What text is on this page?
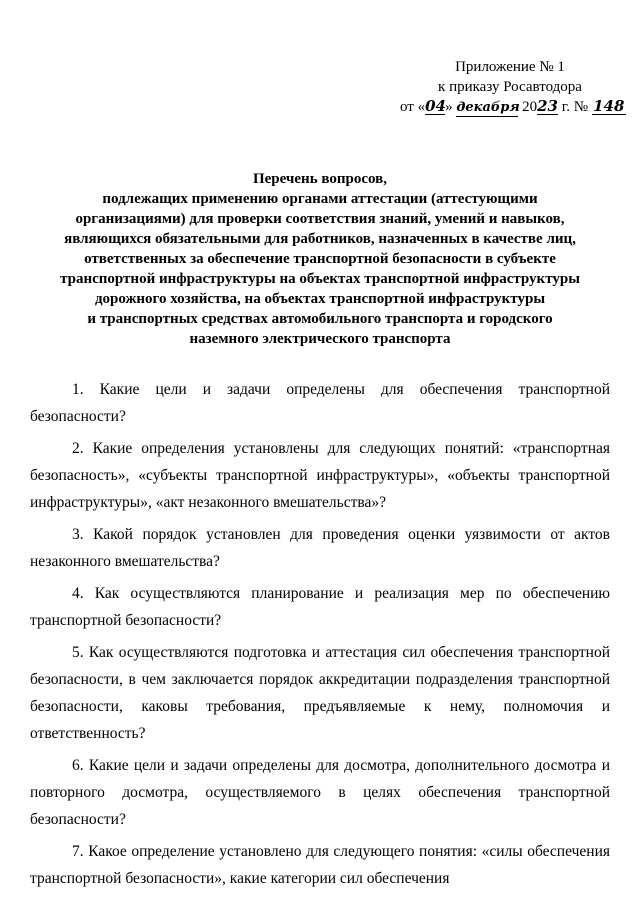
Приложение № 1
к приказу Росавтодора
от «04» декабря 2023 г. № 148
Перечень вопросов,
подлежащих применению органами аттестации (аттестующими
организациями) для проверки соответствия знаний, умений и навыков,
являющихся обязательными для работников, назначенных в качестве лиц,
ответственных за обеспечение транспортной безопасности в субъекте
транспортной инфраструктуры на объектах транспортной инфраструктуры
дорожного хозяйства, на объектах транспортной инфраструктуры
и транспортных средствах автомобильного транспорта и городского
наземного электрического транспорта
1. Какие цели и задачи определены для обеспечения транспортной безопасности?
2. Какие определения установлены для следующих понятий: «транспортная безопасность», «субъекты транспортной инфраструктуры», «объекты транспортной инфраструктуры», «акт незаконного вмешательства»?
3. Какой порядок установлен для проведения оценки уязвимости от актов незаконного вмешательства?
4. Как осуществляются планирование и реализация мер по обеспечению транспортной безопасности?
5. Как осуществляются подготовка и аттестация сил обеспечения транспортной безопасности, в чем заключается порядок аккредитации подразделения транспортной безопасности, каковы требования, предъявляемые к нему, полномочия и ответственность?
6. Какие цели и задачи определены для досмотра, дополнительного досмотра и повторного досмотра, осуществляемого в целях обеспечения транспортной безопасности?
7. Какое определение установлено для следующего понятия: «силы обеспечения транспортной безопасности», какие категории сил обеспечения
